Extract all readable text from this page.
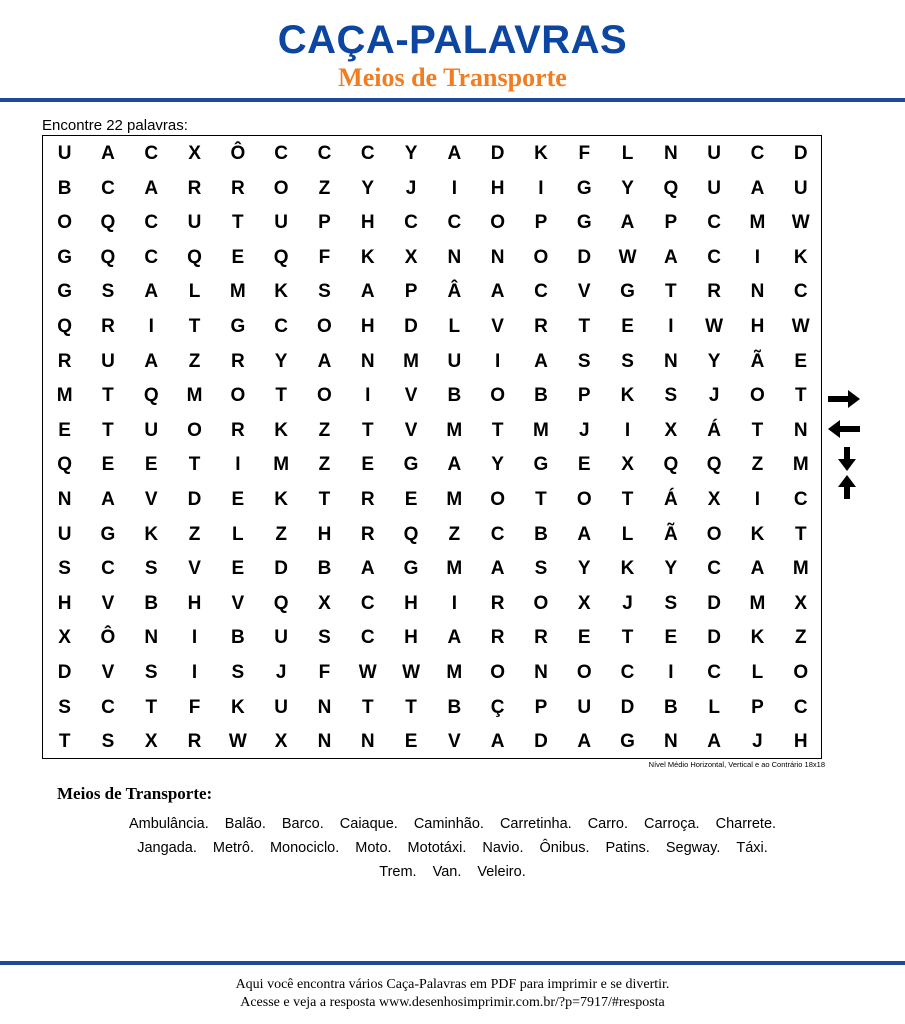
CAÇA-PALAVRAS
Meios de Transporte
Encontre 22 palavras:
U	A	C	X	Ô	C	C	C	Y	A	D	K	F	L	N	U	C	D
B	C	A	R	R	O	Z	Y	J	I	H	I	G	Y	Q	U	A	U
O	Q	C	U	T	U	P	H	C	C	O	P	G	A	P	C	M	W
G	Q	C	Q	E	Q	F	K	X	N	N	O	D	W	A	C	I	K
G	S	A	L	M	K	S	A	P	Â	A	C	V	G	T	R	N	C
Q	R	I	T	G	C	O	H	D	L	V	R	T	E	I	W	H	W
R	U	A	Z	R	Y	A	N	M	U	I	A	S	S	N	Y	Ã	E
M	T	Q	M	O	T	O	I	V	B	O	B	P	K	S	J	O	T
E	T	U	O	R	K	Z	T	V	M	T	M	J	I	X	Á	T	N
Q	E	E	T	I	M	Z	E	G	A	Y	G	E	X	Q	Q	Z	M
N	A	V	D	E	K	T	R	E	M	O	T	O	T	Á	X	I	C
U	G	K	Z	L	Z	H	R	Q	Z	C	B	A	L	Ã	O	K	T
S	C	S	V	E	D	B	A	G	M	A	S	Y	K	Y	C	A	M
H	V	B	H	V	Q	X	C	H	I	R	O	X	J	S	D	M	X
X	Ô	N	I	B	U	S	C	H	A	R	R	E	T	E	D	K	Z
D	V	S	I	S	J	F	W	W	M	O	N	O	C	I	C	L	O
S	C	T	F	K	U	N	T	T	B	Ç	P	U	D	B	L	P	C
T	S	X	R	W	X	N	N	E	V	A	D	A	G	N	A	J	H
Nível Médio Horizontal, Vertical e ao Contrário 18x18
Meios de Transporte:
Ambulância. Balão. Barco. Caiaque. Caminhão. Carretinha. Carro. Carroça. Charrete.
Jangada. Metrô. Monociclo. Moto. Mototáxi. Navio. Ônibus. Patins. Segway. Táxi.
Trem. Van. Veleiro.
Aqui você encontra vários Caça-Palavras em PDF para imprimir e se divertir.
Acesse e veja a resposta www.desenhosimprimir.com.br/?p=7917/#resposta
